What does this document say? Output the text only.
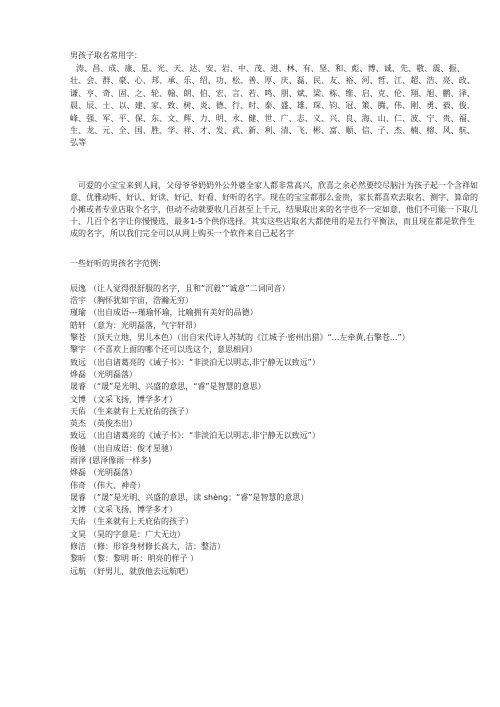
男孩子取名常用字：

涛、昌、成、康、星、光、天、达、安、岩、中、茂、进、林、有、坚、和、彪、博、诚、先、敬、震、振、壮、会、群、豪、心、邦、承、乐、绍、功、松、善、厚、庆、磊、民、友、裕、河、哲、江、超、浩、亮、政、谦、亨、奇、固、之、轮、翰、朗、伯、宏、言、若、鸣、朋、斌、梁、栋、维、启、克、伦、翔、旭、鹏、泽、晨、辰、士、以、建、家、致、树、炎、德、行、时、泰、盛、雄、琛、钧、冠、策、腾、伟、刚、勇、毅、俊、峰、强、军、平、保、东、文、辉、力、明、永、健、世、广、志、义、兴、良、海、山、仁、波、宁、贵、福、生、龙、元、全、国、胜、学、祥、才、发、武、新、利、清、飞、彬、富、顺、信、子、杰、楠、榕、风、航、弘等

可爱的小宝宝来到人间，父母爷爷奶奶外公外婆全家人都非常高兴，欣喜之余必然要绞尽脑汁为孩子起一个含祥如意、优雅动听、好认、好读、好记、好看、好听的名字。现在的宝宝都那么金贵，家长都喜欢去取名、测字、算命的小摊或者专业店取个名字，但动不动就要收几百甚至上千元，结果取出来的名字也不一定如意，他们不可能一下取几十、几百个名字让你慢慢选，最多1-5个供你选择。其实这些店取名大都使用的是五行平衡法，而且现在都是软件生成的名字，所以我们完全可以从网上购买一个软件来自己起名字

一些好听的男孩名字范例:

辰逸 （让人觉得很舒服的名字，且和“沉毅”“诚意”二词同音）

浩宇 （胸怀犹如宇宙，浩瀚无穷）

瑾瑜 （出自成语---瑾瑜怀瑜，比喻拥有美好的品德）

皓轩 （意为：光明磊落，气宇轩昂）

擎苍 （顶天立地，男儿本色）（出自宋代诗人苏轼的《江城子·密州出猎》“...左牵黄,右擎苍...”）

擎宇 （不喜欢上面的哪个还可以选这个，意思相同）

致远 （出自诸葛亮的《诫子书》：“非淡泊无以明志,非宁静无以致远”）

烨磊 （光明磊落）

晟睿 （“晟”是光明、兴盛的意思，“睿”是智慧的意思）

文博 （文采飞扬，博学多才）

天佑 （生来就有上天庇佑的孩子）

英杰 （英俊杰出）

致远 （出自诸葛亮的《诫子书》：“非淡泊无以明志,非宁静无以致远”）

俊驰 （出自成语：俊才星驰）

雨泽 (恩泽像雨一样多)

烨磊 （光明磊落）

伟奇 （伟大、神奇）

晟睿 （“晟”是光明、兴盛的意思，读 shèng；“睿”是智慧的意思）

文博 （文采飞扬，博学多才）

天佑 （生来就有上天庇佑的孩子）

文昊 （昊的字意是：广大无边）

修洁 （修：形容身材修长高大，洁：整洁）

黎昕 （黎：黎明 昕：明亮的样子 ）

远航 （好男儿，就放他去远航吧）
